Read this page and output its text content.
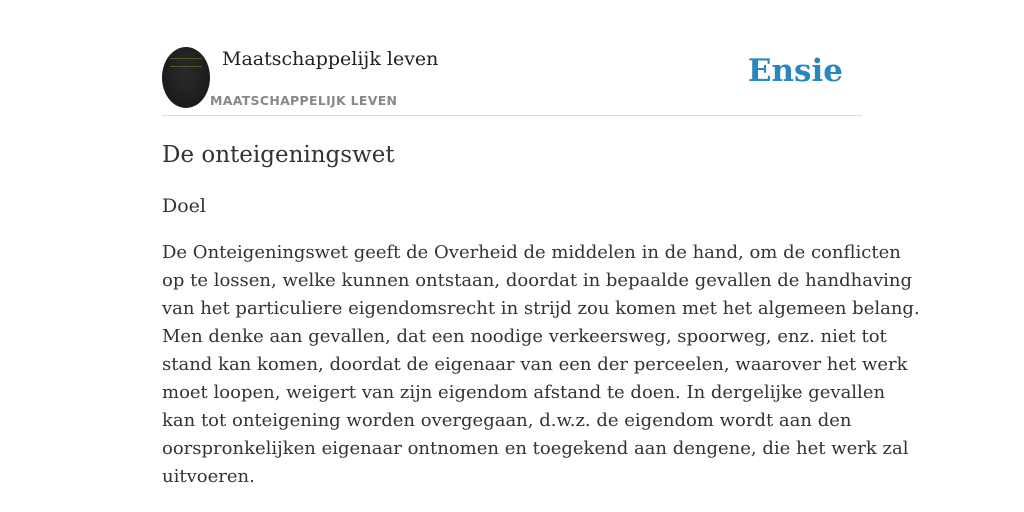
Maatschappelijk leven
MAATSCHAPPELIJK LEVEN
Ensie
De onteigeningswet
Doel

De Onteigeningswet geeft de Overheid de middelen in de hand, om de conflicten
op te lossen, welke kunnen ontstaan, doordat in bepaalde gevallen de handhaving
van het particuliere eigendomsrecht in strijd zou komen met het algemeen belang.
Men denke aan gevallen, dat een noodige verkeersweg, spoorweg, enz. niet tot
stand kan komen, doordat de eigenaar van een der perceelen, waarover het werk
moet loopen, weigert van zijn eigendom afstand te doen. In dergelijke gevallen
kan tot onteigening worden overgegaan, d.w.z. de eigendom wordt aan den
oorspronkelijken eigenaar ontnomen en toegekend aan dengene, die het werk zal
uitvoeren.
